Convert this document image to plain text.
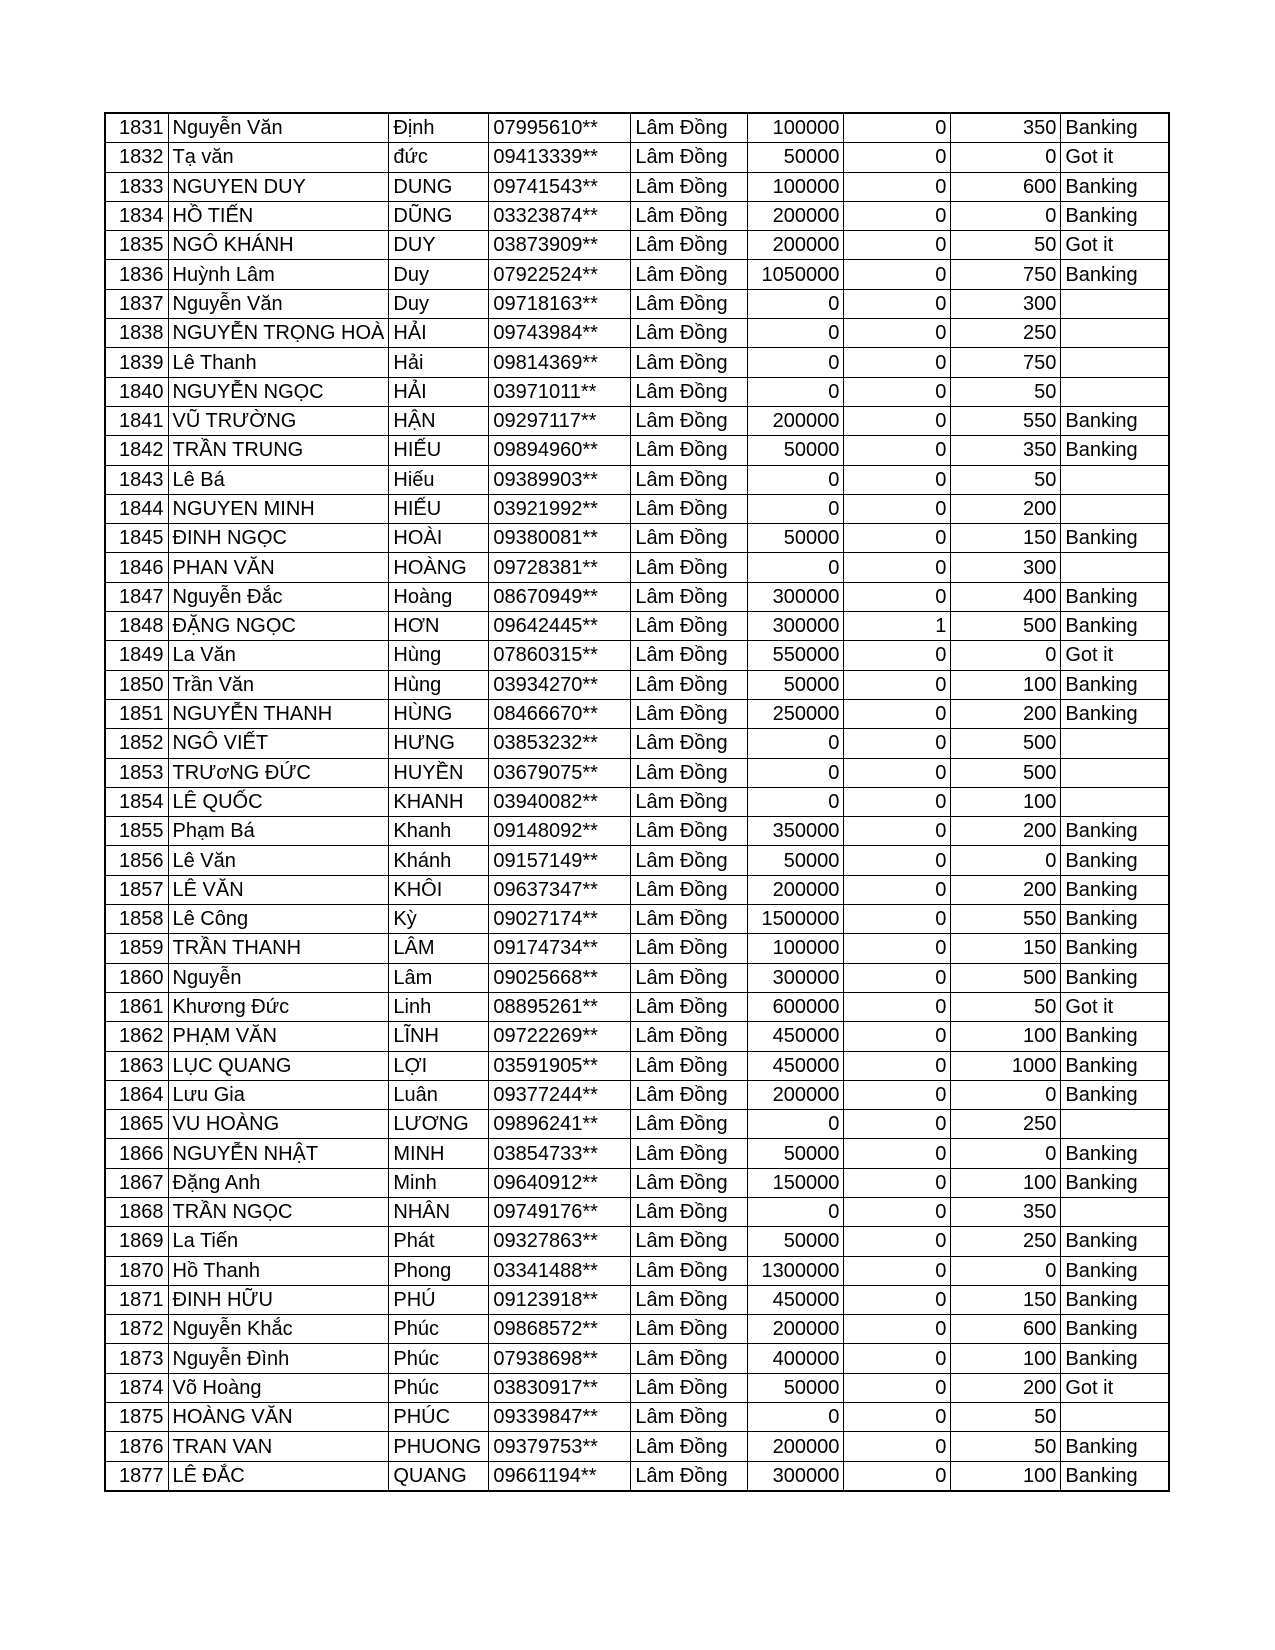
1831	Nguyễn Văn	Định	07995610**	Lâm Đồng	100000	0	350	Banking
1832	Tạ văn	đức	09413339**	Lâm Đồng	50000	0	0	Got it
1833	NGUYEN DUY	DUNG	09741543**	Lâm Đồng	100000	0	600	Banking
1834	HỒ TIẾN	DŨNG	03323874**	Lâm Đồng	200000	0	0	Banking
1835	NGÔ KHÁNH	DUY	03873909**	Lâm Đồng	200000	0	50	Got it
1836	Huỳnh Lâm	Duy	07922524**	Lâm Đồng	1050000	0	750	Banking
1837	Nguyễn Văn	Duy	09718163**	Lâm Đồng	0	0	300	
1838	NGUYỄN TRỌNG HOÀ	HẢI	09743984**	Lâm Đồng	0	0	250	
1839	Lê Thanh	Hải	09814369**	Lâm Đồng	0	0	750	
1840	NGUYỄN NGỌC	HẢI	03971011**	Lâm Đồng	0	0	50	
1841	VŨ TRƯỜNG	HẬN	09297117**	Lâm Đồng	200000	0	550	Banking
1842	TRẦN TRUNG	HIẾU	09894960**	Lâm Đồng	50000	0	350	Banking
1843	Lê Bá	Hiếu	09389903**	Lâm Đồng	0	0	50	
1844	NGUYEN MINH	HIẾU	03921992**	Lâm Đồng	0	0	200	
1845	ĐINH NGỌC	HOÀI	09380081**	Lâm Đồng	50000	0	150	Banking
1846	PHAN VĂN	HOÀNG	09728381**	Lâm Đồng	0	0	300	
1847	Nguyễn Đắc	Hoàng	08670949**	Lâm Đồng	300000	0	400	Banking
1848	ĐẶNG NGỌC	HƠN	09642445**	Lâm Đồng	300000	1	500	Banking
1849	La Văn	Hùng	07860315**	Lâm Đồng	550000	0	0	Got it
1850	Trần Văn	Hùng	03934270**	Lâm Đồng	50000	0	100	Banking
1851	NGUYỄN THANH	HÙNG	08466670**	Lâm Đồng	250000	0	200	Banking
1852	NGÔ VIẾT	HƯNG	03853232**	Lâm Đồng	0	0	500	
1853	TRƯơNG ĐỨC	HUYỀN	03679075**	Lâm Đồng	0	0	500	
1854	LÊ QUỐC	KHANH	03940082**	Lâm Đồng	0	0	100	
1855	Phạm Bá	Khanh	09148092**	Lâm Đồng	350000	0	200	Banking
1856	Lê Văn	Khánh	09157149**	Lâm Đồng	50000	0	0	Banking
1857	LÊ VĂN	KHÔI	09637347**	Lâm Đồng	200000	0	200	Banking
1858	Lê Công	Kỳ	09027174**	Lâm Đồng	1500000	0	550	Banking
1859	TRẦN THANH	LÂM	09174734**	Lâm Đồng	100000	0	150	Banking
1860	Nguyễn	Lâm	09025668**	Lâm Đồng	300000	0	500	Banking
1861	Khương Đức	Linh	08895261**	Lâm Đồng	600000	0	50	Got it
1862	PHẠM VĂN	LĨNH	09722269**	Lâm Đồng	450000	0	100	Banking
1863	LỤC QUANG	LỢI	03591905**	Lâm Đồng	450000	0	1000	Banking
1864	Lưu Gia	Luân	09377244**	Lâm Đồng	200000	0	0	Banking
1865	VU HOÀNG	LƯƠNG	09896241**	Lâm Đồng	0	0	250	
1866	NGUYỄN NHẬT	MINH	03854733**	Lâm Đồng	50000	0	0	Banking
1867	Đặng Anh	Minh	09640912**	Lâm Đồng	150000	0	100	Banking
1868	TRẦN NGỌC	NHÂN	09749176**	Lâm Đồng	0	0	350	
1869	La Tiến	Phát	09327863**	Lâm Đồng	50000	0	250	Banking
1870	Hồ Thanh	Phong	03341488**	Lâm Đồng	1300000	0	0	Banking
1871	ĐINH HỮU	PHÚ	09123918**	Lâm Đồng	450000	0	150	Banking
1872	Nguyễn Khắc	Phúc	09868572**	Lâm Đồng	200000	0	600	Banking
1873	Nguyễn Đình	Phúc	07938698**	Lâm Đồng	400000	0	100	Banking
1874	Võ Hoàng	Phúc	03830917**	Lâm Đồng	50000	0	200	Got it
1875	HOÀNG VĂN	PHÚC	09339847**	Lâm Đồng	0	0	50	
1876	TRAN VAN	PHUONG	09379753**	Lâm Đồng	200000	0	50	Banking
1877	LÊ ĐẮC	QUANG	09661194**	Lâm Đồng	300000	0	100	Banking
